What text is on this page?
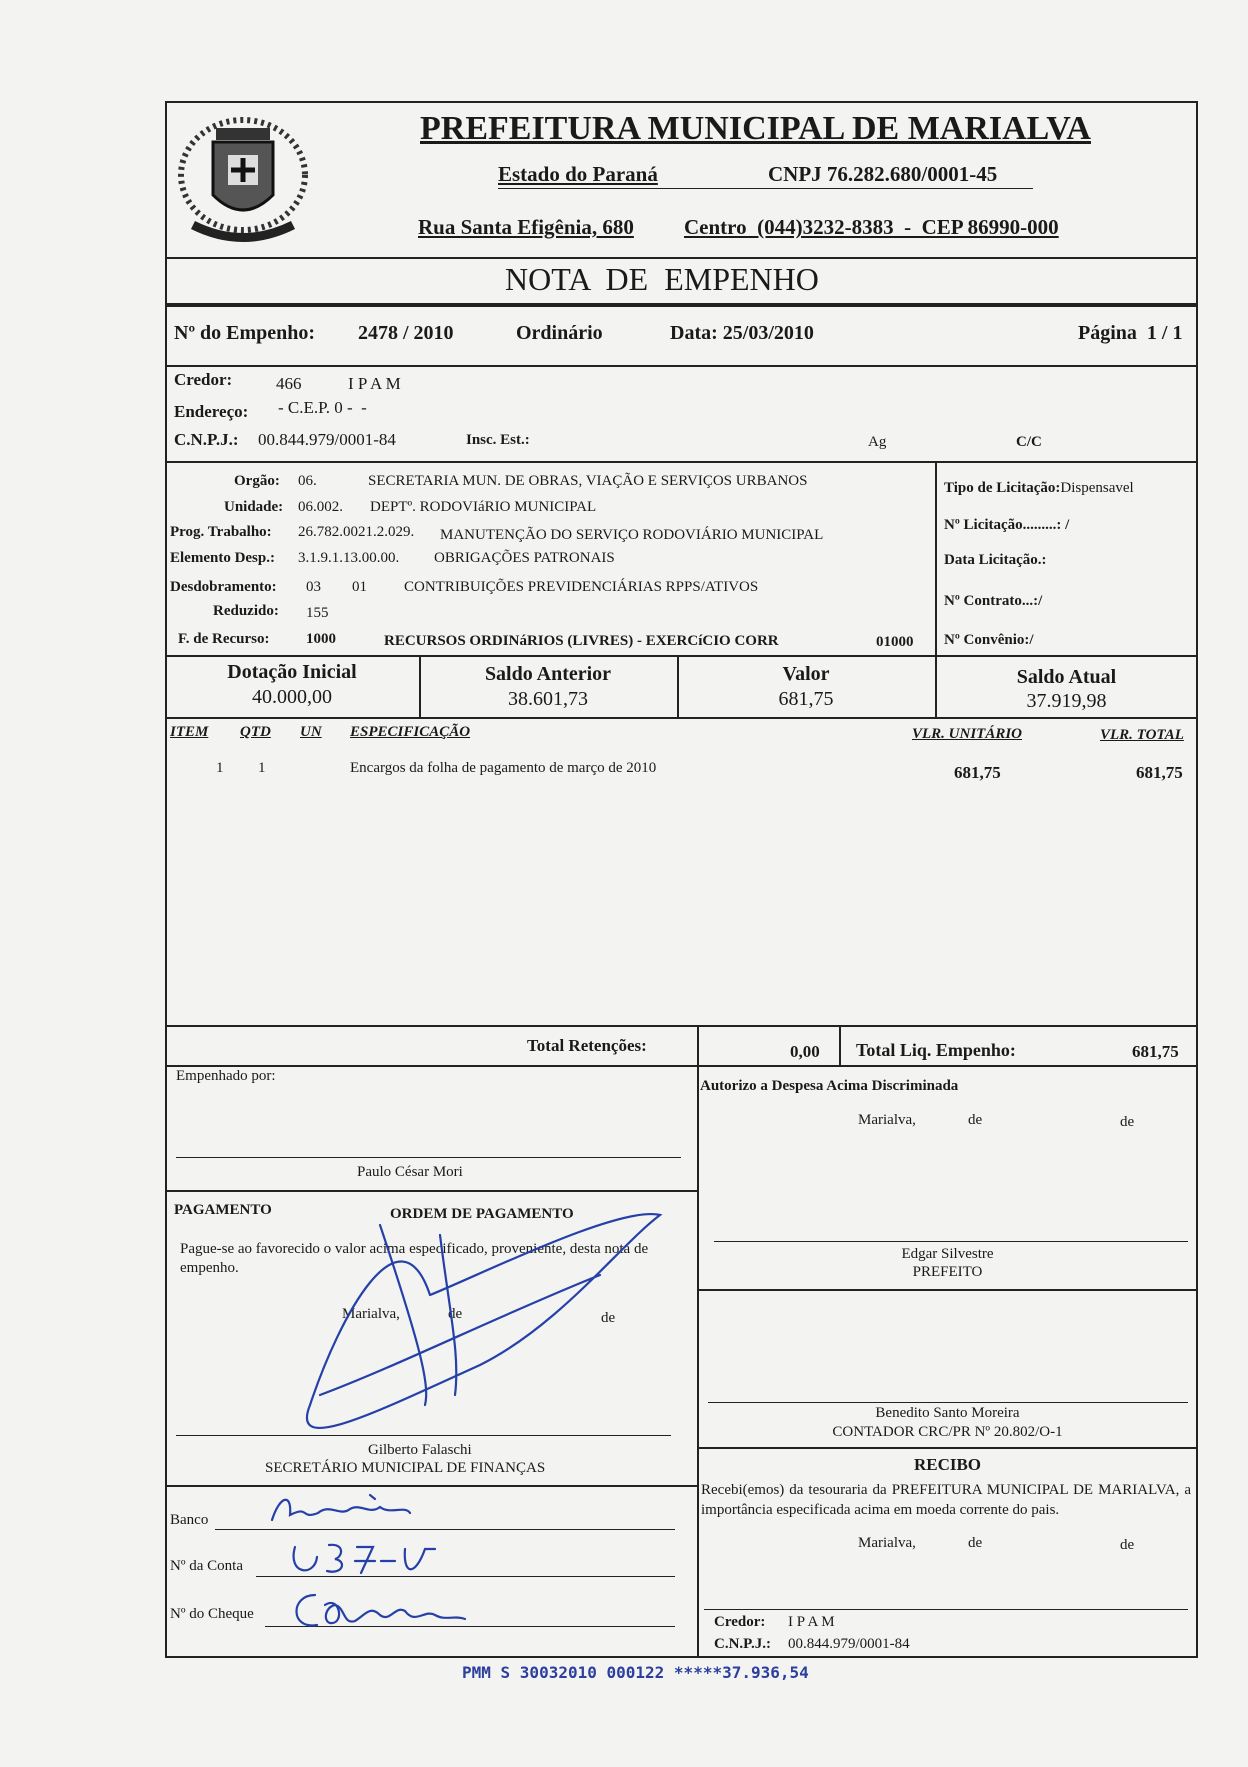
PREFEITURA MUNICIPAL DE MARIALVA
Estado do Paraná	CNPJ 76.282.680/0001-45
Rua Santa Efigênia, 680 Centro  (044)3232-8383  -  CEP 86990-000
NOTA  DE  EMPENHO
Nº do Empenho: 2478 / 2010	Ordinário	Data: 25/03/2010	Página  1 / 1
Credor:	466	I P A M
Endereço: - C.E.P. 0 -  -
C.N.P.J.: 00.844.979/0001-84	Insc. Est.:	Ag	C/C
Orgão: 06.	SECRETARIA MUN. DE OBRAS, VIAÇÃO E SERVIÇOS URBANOS
Unidade: 06.002. DEPTº. RODOVIáRIO MUNICIPAL
Prog. Trabalho: 26.782.0021.2.029. MANUTENÇÃO DO SERVIÇO RODOVIÁRIO MUNICIPAL
Elemento Desp.: 3.1.9.1.13.00.00. OBRIGAÇÕES PATRONAIS
Desdobramento: 03 01 CONTRIBUIÇÕES PREVIDENCIÁRIAS RPPS/ATIVOS
Reduzido: 155
F. de Recurso: 1000	RECURSOS ORDINáRIOS (LIVRES) - EXERCíCIO CORR	01000
Tipo de Licitação:Dispensavel
Nº Licitação.........: /
Data Licitação.:
Nº Contrato...:/
Nº Convênio:/
Dotação Inicial
40.000,00
Saldo Anterior
38.601,73
Valor
681,75
Saldo Atual
37.919,98
ITEM QTD UN ESPECIFICAÇÃO	VLR. UNITÁRIO	VLR. TOTAL
1 1	Encargos da folha de pagamento de março de 2010	681,75	681,75
Total Retenções:	0,00 Total Liq. Empenho:	681,75
Empenhado por:
Paulo César Mori
PAGAMENTO	ORDEM DE PAGAMENTO
Pague-se ao favorecido o valor acima especificado, proveniente, desta nota de empenho.
Marialva,	de	de
Gilberto Falaschi
SECRETÁRIO MUNICIPAL DE FINANÇAS
Banco
Nº da Conta
Nº do Cheque
Autorizo a Despesa Acima Discriminada
Marialva,	de	de
Edgar Silvestre
PREFEITO
Benedito Santo Moreira
CONTADOR CRC/PR Nº 20.802/O-1
RECIBO
Recebi(emos) da tesouraria da PREFEITURA MUNICIPAL DE MARIALVA, a importância especificada acima em moeda corrente do pais.
Marialva,	de	de
Credor: I P A M
C.N.P.J.: 00.844.979/0001-84
PMM S 30032010 000122 *****37.936,54
